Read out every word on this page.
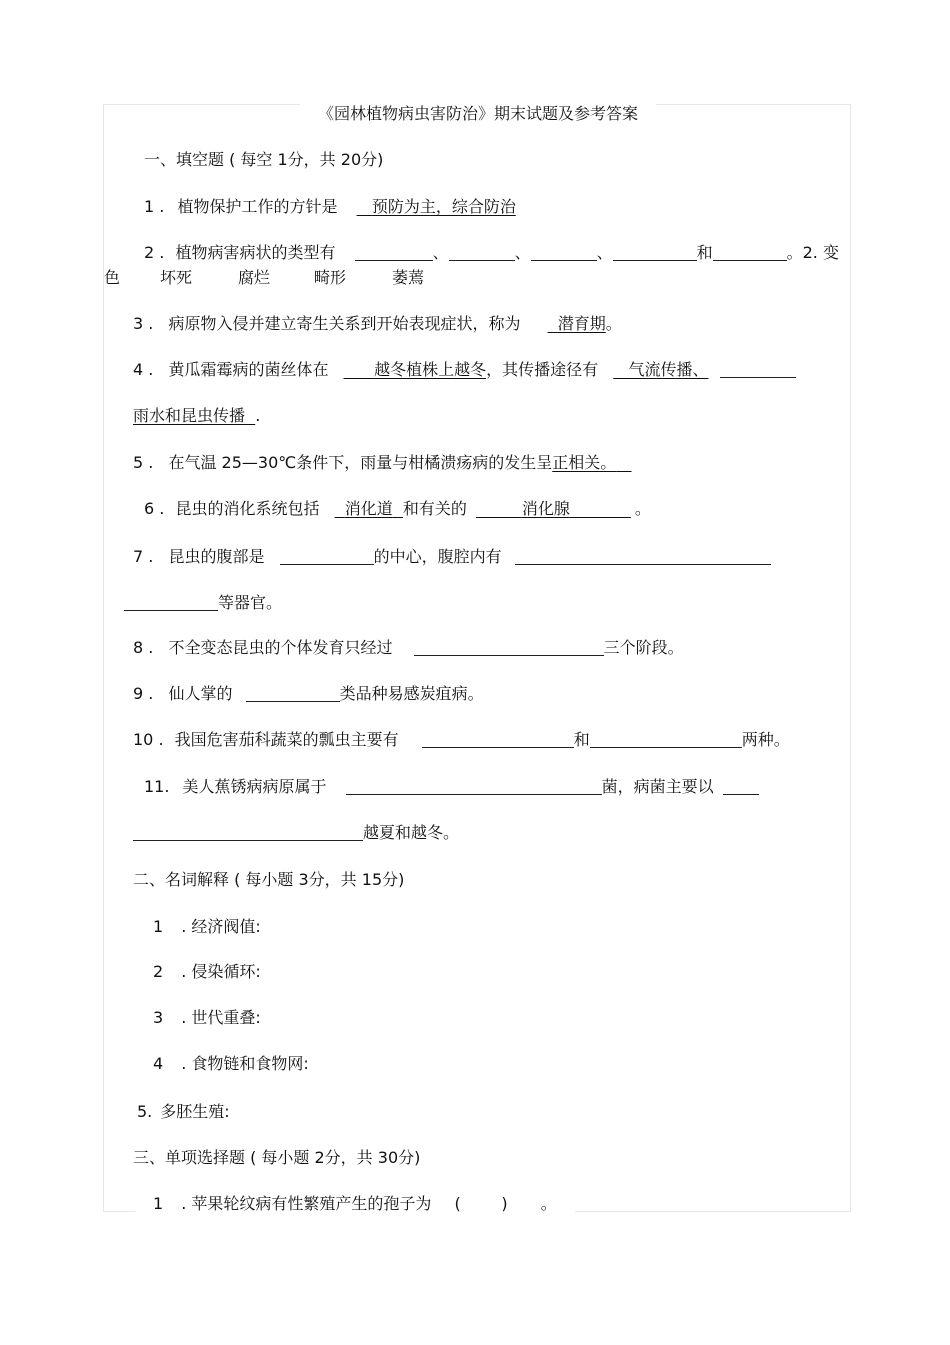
《园林植物病虫害防治》期末试题及参考答案
一、填空题 ( 每空 1分，共 20分)
1 . 植物保护工作的方针是 预防为主，综合防治
2 . 植物病害病状的类型有	、	、	、	和	。2. 变
色 坏死	腐烂	畸形	萎蔫
3 . 病原物入侵并建立寄生关系到开始表现症状，称为 潜育期。
4 . 黄瓜霜霉病的菌丝体在	越冬植株上越冬，其传播途径有 气流传播、
雨水和昆虫传播 .
5 . 在气温 25—30℃条件下，雨量与柑橘溃疡病的发生呈正相关。
6 . 昆虫的消化系统包括 消化道 和有关的	消化腺	。
7 . 昆虫的腹部是	的中心，腹腔内有
等器官。
8 . 不全变态昆虫的个体发育只经过	三个阶段。
9 . 仙人掌的	类品种易感炭疽病。
10 . 我国危害茄科蔬菜的瓢虫主要有	和	两种。
11. 美人蕉锈病病原属于	菌，病菌主要以
越夏和越冬。
二、名词解释 ( 每小题 3分，共 15分)
1 . 经济阀值:
2 . 侵染循环:
3 . 世代重叠:
4 . 食物链和食物网:
5. 多胚生殖:
三、单项选择题 ( 每小题 2分，共 30分)
1 . 苹果轮纹病有性繁殖产生的孢子为 (        ) 。
